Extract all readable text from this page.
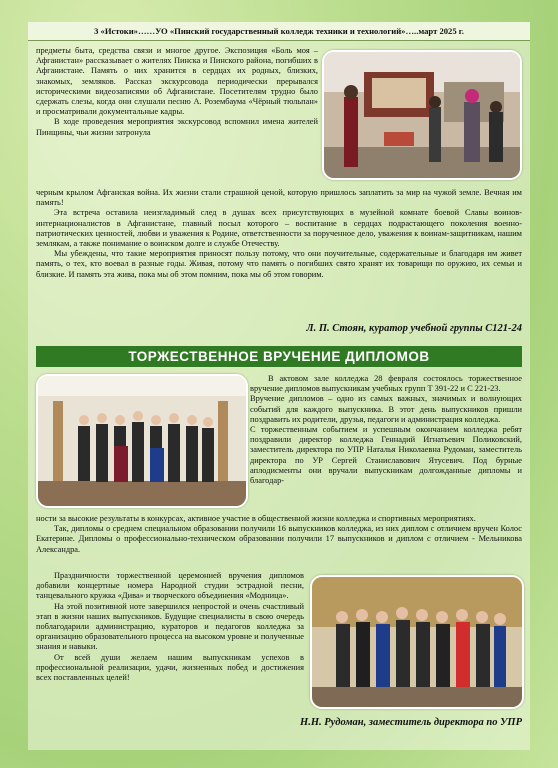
3 «Истоки»……УО «Пинский государственный колледж техники и технологий»…..март 2025 г.

предметы быта, средства связи и многое другое. Экспозиция «Боль моя – Афганистан» рассказывает о жителях Пинска и Пинского района, погибших в Афганистане. Память о них хранится в сердцах их родных, близких, знакомых, земляков. Рассказ экскурсовода периодически прерывался историческими видеозаписями об Афганистане. Посетителям трудно было сдержать слезы, когда они слушали песню А. Розембаума «Чёрный тюльпан» и просматривали документальные кадры.

В ходе проведения мероприятия экскурсовод вспомнил имена жителей Пинщины, чьи жизни затронула

черным крылом Афганская война. Их жизни стали страшной ценой, которую пришлось заплатить за мир на чужой земле. Вечная им память!

Эта встреча оставила неизгладимый след в душах всех присутствующих в музейной комнате боевой Славы воинов-интернационалистов в Афганистане, главный посыл которого – воспитание в сердцах подрастающего поколения военно-патриотических ценностей, любви и уважения к Родине, ответственности за порученное дело, уважения к воинам-защитникам, нашим землякам, а также понимание о воинском долге и службе Отечеству.

Мы убеждены, что такие мероприятия приносят пользу потому, что они поучительные, содержательные и благодаря им живет память, о тех, кто воевал в разные годы. Живая, потому что память о погибших свято хранят их товарищи по оружию, их семьи и близкие. И память эта жива, пока мы об этом помним, пока мы об этом говорим.

Л. П. Стоян, куратор учебной группы С121-24
ТОРЖЕСТВЕННОЕ ВРУЧЕНИЕ ДИПЛОМОВ

В актовом зале колледжа 28 февраля состоялось торжественное вручение дипломов выпускникам учебных групп Т 391-22 и С 221-23.

Вручение дипломов – одно из самых важных, значимых и волнующих событий для каждого выпускника. В этот день выпускников пришли поздравить их родители, друзья, педагоги и администрация колледжа.

С торжественным событием и успешным окончанием колледжа ребят поздравили директор колледжа Геннадий Игнатьевич Поликовский, заместитель директора по УПР Наталья Николаевна Рудоман, заместитель директора по УР Сергей Станиславович Ятусевич. Под бурные аплодисменты они вручали выпускникам долгожданные дипломы и благодар-

ности за высокие результаты в конкурсах, активное участие в общественной жизни колледжа и спортивных мероприятиях.

Так, дипломы о среднем специальном образовании получили 16 выпускников колледжа, из них диплом с отличием вручен Колос Екатерине. Дипломы о профессионально-техническом образовании получили 17 выпускников и диплом с отличием - Мельникова Александра.

Праздничности торжественной церемонией вручения дипломов добавили концертные номера Народной студии эстрадной песни, танцевального кружка «Дива» и творческого объединения «Модница».

На этой позитивной ноте завершился непростой и очень счастливый этап в жизни наших выпускников. Будущие специалисты в свою очередь поблагодарили администрацию, кураторов и педагогов колледжа за организацию образовательного процесса на высоком уровне и полученные знания и навыки.

От всей души желаем нашим выпускникам успехов в профессиональной реализации, удачи, жизненных побед и достижения всех поставленных целей!

Н.Н. Рудоман, заместитель директора по УПР
